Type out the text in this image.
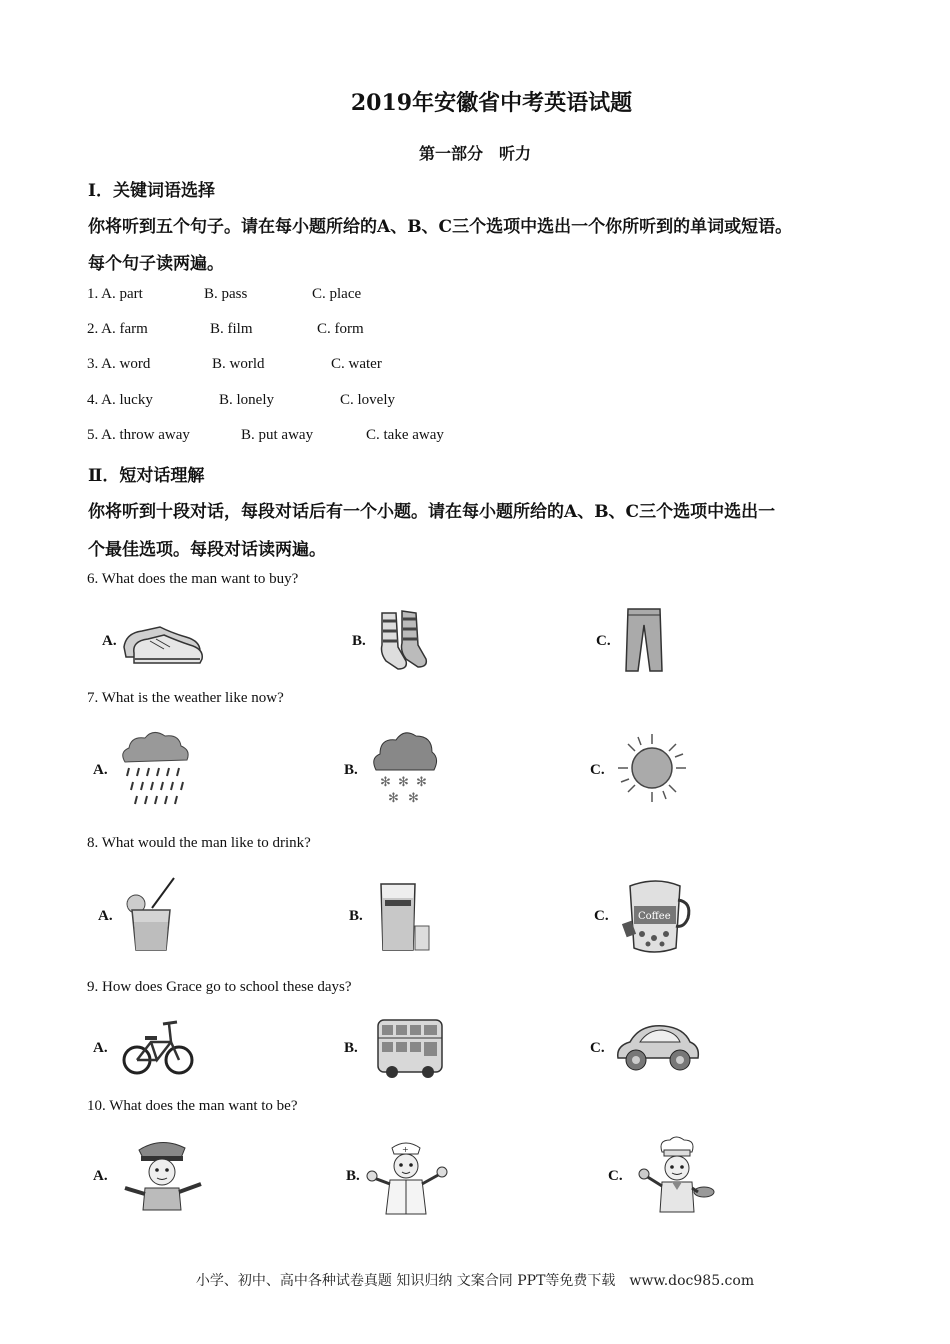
2019年安徽省中考英语试题
第一部分　听力
I．关键词语选择
你将听到五个句子。请在每小题所给的A、B、C三个选项中选出一个你所听到的单词或短语。
每个句子读两遍。
1. A. part	B. pass	C. place
2. A. farm	B. film	C. form
3. A. word	B. world	C. water
4. A. lucky	B. lonely	C. lovely
5. A. throw away	B. put away	C. take away
Ⅱ．短对话理解
你将听到十段对话，每段对话后有一个小题。请在每小题所给的A、B、C三个选项中选出一
个最佳选项。每段对话读两遍。
6. What does the man want to buy?
A.	B.	C.
7. What is the weather like now?
A.	B.
✻ ✻ ✻
✻ ✻
C.
8. What would the man like to drink?
A.	B.	C.	Coffee
9. How does Grace go to school these days?
A.	B.	C.
10. What does the man want to be?
A.	B.
+
C.
小学、初中、高中各种试卷真题 知识归纳 文案合同 PPT等免费下载　www.doc985.com
